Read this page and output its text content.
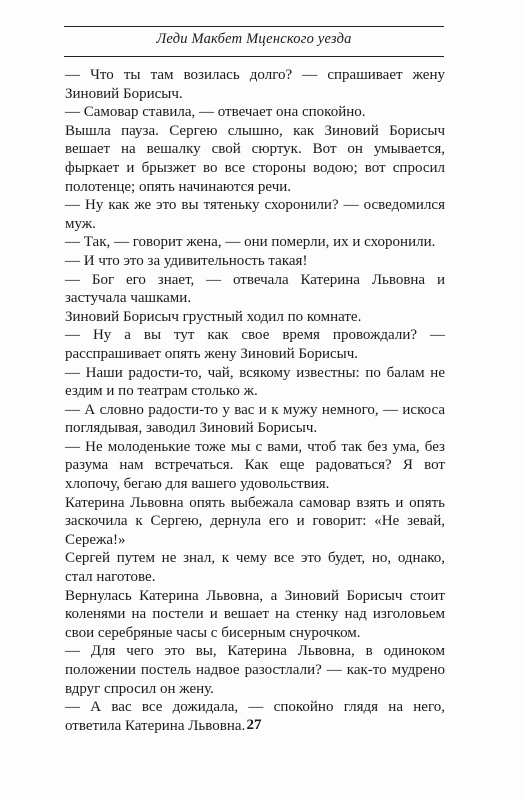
Леди Макбет Мценского уезда

— Что ты там возилась долго? — спрашивает жену Зиновий Борисыч.

— Самовар ставила, — отвечает она спокойно.

Вышла пауза. Сергею слышно, как Зиновий Борисыч вешает на вешалку свой сюртук. Вот он умывается, фыркает и брызжет во все стороны водою; вот спросил полотенце; опять начинаются речи.

— Ну как же это вы тятеньку схоронили? — осведомился муж.

— Так, — говорит жена, — они померли, их и схоронили.

— И что это за удивительность такая!

— Бог его знает, — отвечала Катерина Львовна и застучала чашками.

Зиновий Борисыч грустный ходил по комнате.

— Ну а вы тут как свое время провождали? — расспрашивает опять жену Зиновий Борисыч.

— Наши радости-то, чай, всякому известны: по балам не ездим и по театрам столько ж.

— А словно радости-то у вас и к мужу немного, — искоса поглядывая, заводил Зиновий Борисыч.

— Не молоденькие тоже мы с вами, чтоб так без ума, без разума нам встречаться. Как еще радоваться? Я вот хлопочу, бегаю для вашего удовольствия.

Катерина Львовна опять выбежала самовар взять и опять заскочила к Сергею, дернула его и говорит: «Не зевай, Сережа!»

Сергей путем не знал, к чему все это будет, но, однако, стал наготове.

Вернулась Катерина Львовна, а Зиновий Борисыч стоит коленями на постели и вешает на стенку над изголовьем свои серебряные часы с бисерным снурочком.

— Для чего это вы, Катерина Львовна, в одиноком положении постель надвое разостлали? — как-то мудрено вдруг спросил он жену.

— А вас все дожидала, — спокойно глядя на него, ответила Катерина Львовна. 27
